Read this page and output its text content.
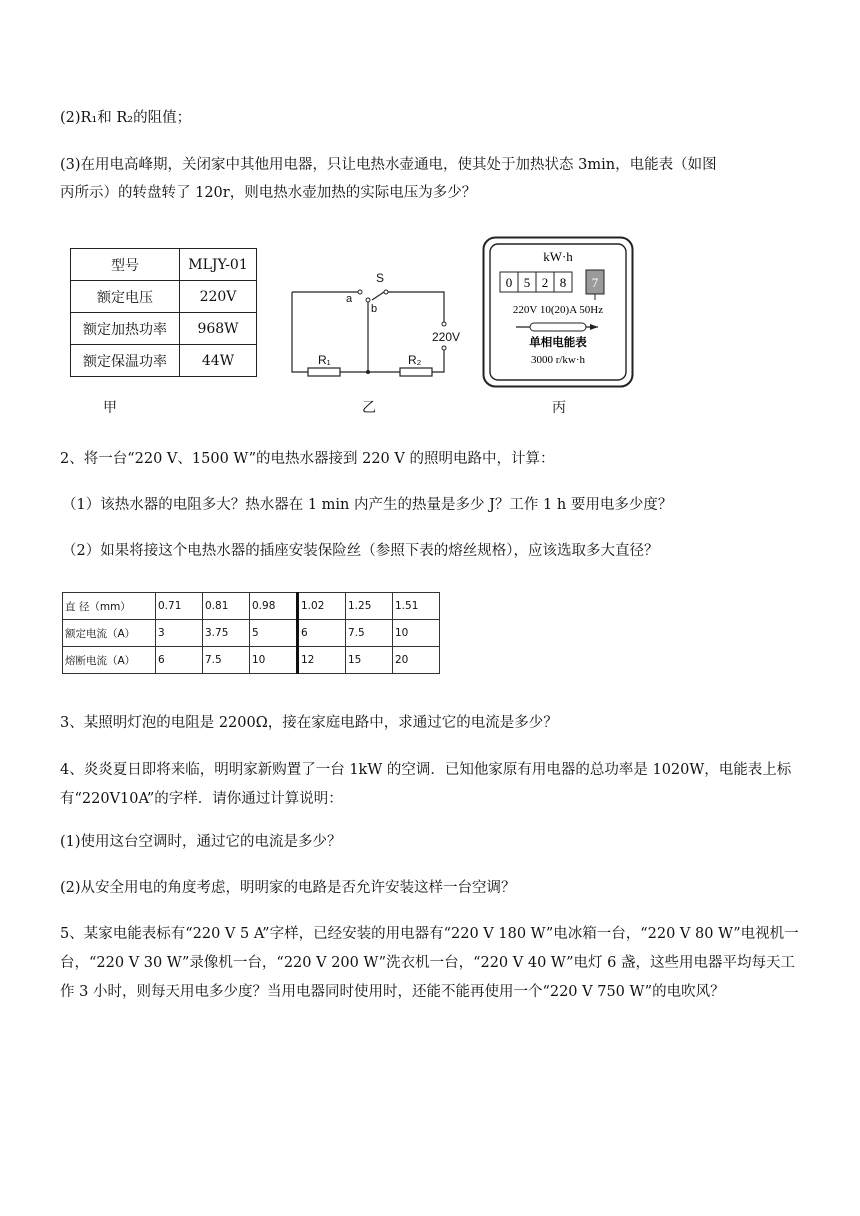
(2)R₁和 R₂的阻值；
(3)在用电高峰期，关闭家中其他用电器，只让电热水壶通电，使其处于加热状态 3min，电能表（如图
丙所示）的转盘转了 120r，则电热水壶加热的实际电压为多少？
型号	MLJY-01
额定电压	220V
额定加热功率	968W
额定保温功率	44W
S
a
b
R₁	R₂
220V
kW·h
0 5 2 8 7
220V 10(20)A 50Hz
单相电能表
3000 r/kw·h
甲	乙	丙
2、将一台“220 V、1500 W”的电热水器接到 220 V 的照明电路中，计算：
（1）该热水器的电阻多大？热水器在 1 min 内产生的热量是多少 J？工作 1 h 要用电多少度？
（2）如果将接这个电热水器的插座安装保险丝（参照下表的熔丝规格），应该选取多大直径？
直 径（mm）	0.71	0.81	0.98	1.02	1.25	1.51
额定电流（A）	3	3.75	5	6	7.5	10
熔断电流（A）	6	7.5	10	12	15	20
3、某照明灯泡的电阻是 2200Ω，接在家庭电路中，求通过它的电流是多少？
4、炎炎夏日即将来临，明明家新购置了一台 1kW 的空调．已知他家原有用电器的总功率是 1020W，电能表上标有“220V10A”的字样．请你通过计算说明：
(1)使用这台空调时，通过它的电流是多少？
(2)从安全用电的角度考虑，明明家的电路是否允许安装这样一台空调？
5、某家电能表标有“220 V 5 A”字样，已经安装的用电器有“220 V 180 W”电冰箱一台，“220 V 80 W”电视机一台，“220 V 30 W”录像机一台，“220 V 200 W”洗衣机一台，“220 V 40 W”电灯 6 盏，这些用电器平均每天工作 3 小时，则每天用电多少度？当用电器同时使用时，还能不能再使用一个“220 V 750 W”的电吹风？
